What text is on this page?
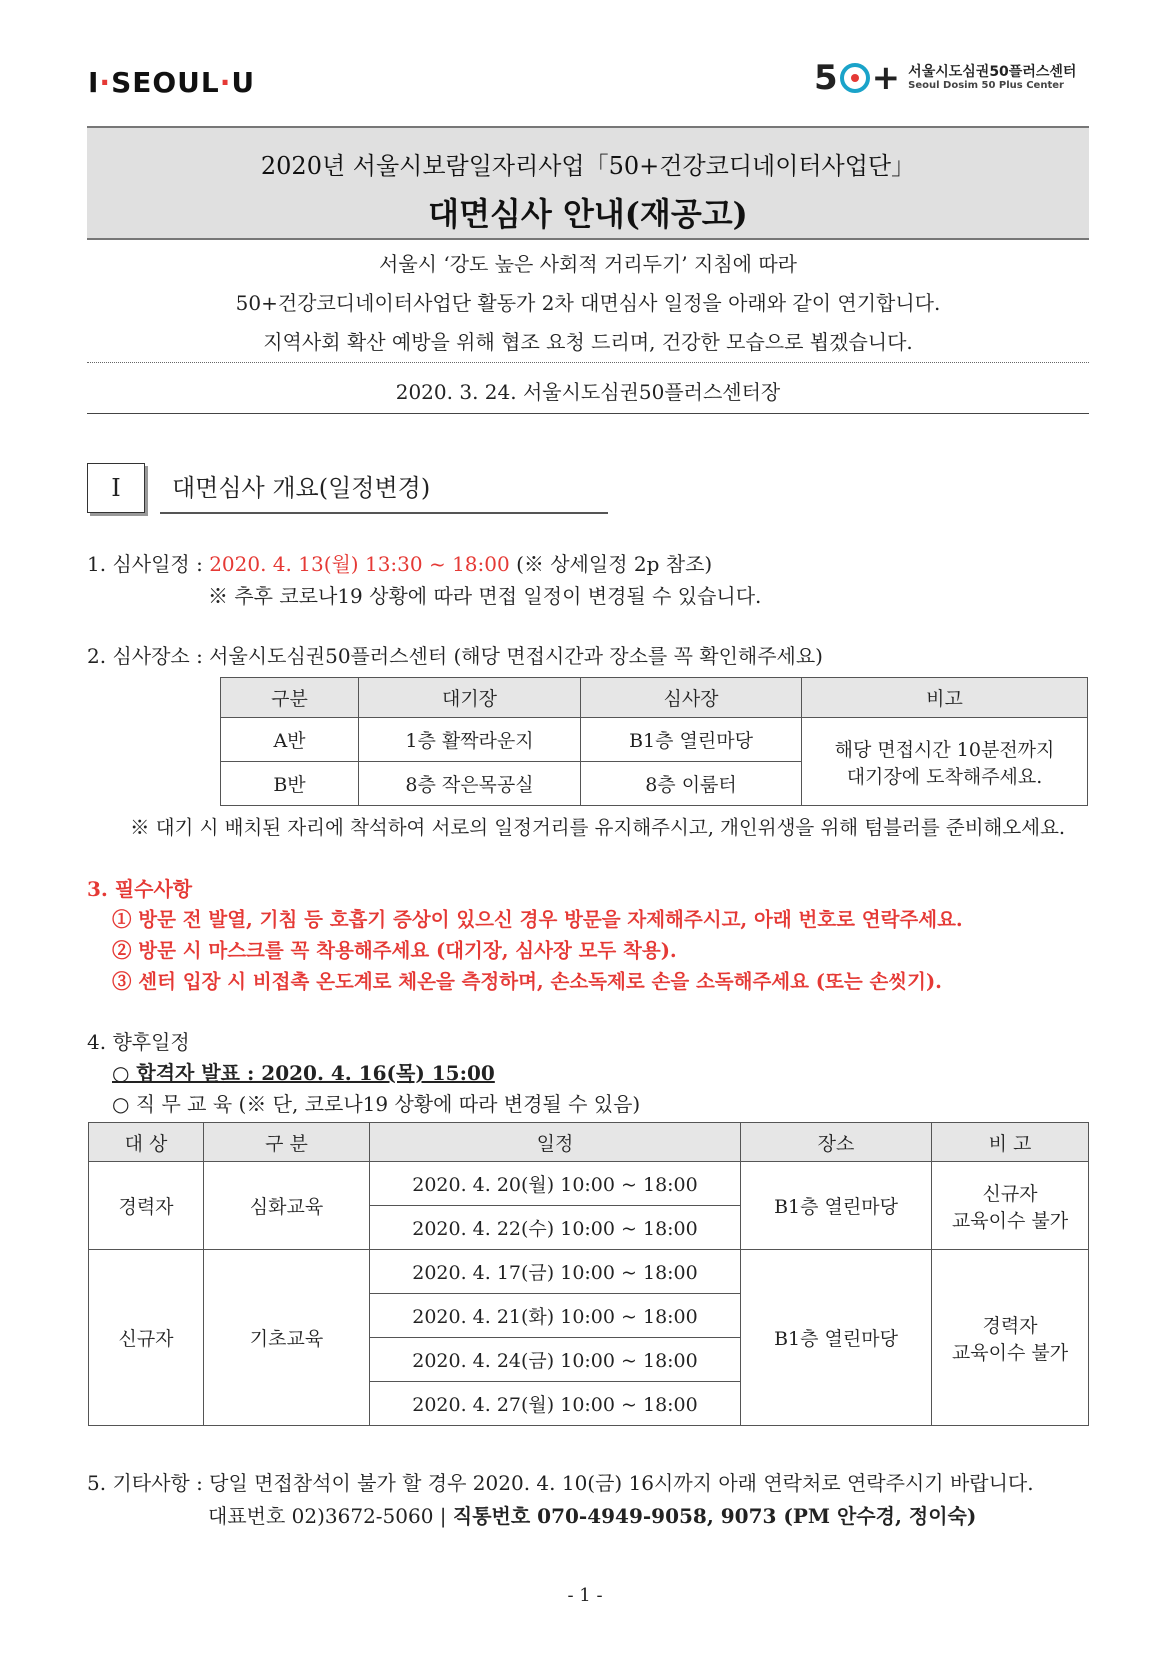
I·SEOUL·U	5 + 서울시도심권50플러스센터
Seoul Dosim 50 Plus Center
2020년 서울시보람일자리사업「50+건강코디네이터사업단」
대면심사 안내(재공고)
서울시 ‘강도 높은 사회적 거리두기’ 지침에 따라
50+건강코디네이터사업단 활동가 2차 대면심사 일정을 아래와 같이 연기합니다.
지역사회 확산 예방을 위해 협조 요청 드리며, 건강한 모습으로 뵙겠습니다.
2020. 3. 24. 서울시도심권50플러스센터장
Ⅰ	대면심사 개요(일정변경)
1. 심사일정 : 2020. 4. 13(월) 13:30 ~ 18:00 (※ 상세일정 2p 참조)
※ 추후 코로나19 상황에 따라 면접 일정이 변경될 수 있습니다.
2. 심사장소 : 서울시도심권50플러스센터 (해당 면접시간과 장소를 꼭 확인해주세요)
구분	대기장	심사장	비고
A반	1층 활짝라운지	B1층 열린마당	해당 면접시간 10분전까지
대기장에 도착해주세요.

B반	8층 작은목공실	8층 이룸터	
※ 대기 시 배치된 자리에 착석하여 서로의 일정거리를 유지해주시고, 개인위생을 위해 텀블러를 준비해오세요.
3. 필수사항
① 방문 전 발열, 기침 등 호흡기 증상이 있으신 경우 방문을 자제해주시고, 아래 번호로 연락주세요.
② 방문 시 마스크를 꼭 착용해주세요 (대기장, 심사장 모두 착용).
③ 센터 입장 시 비접촉 온도계로 체온을 측정하며, 손소독제로 손을 소독해주세요 (또는 손씻기).
4. 향후일정
○ 합격자 발표 : 2020. 4. 16(목) 15:00
○ 직 무 교 육 (※ 단, 코로나19 상황에 따라 변경될 수 있음)
대 상	구 분	일정	장소	비 고
경력자	심화교육	2020. 4. 20(월) 10:00 ~ 18:00	B1층 열린마당	신규자
교육이수 불가

		2020. 4. 22(수) 10:00 ~ 18:00		
신규자	기초교육	2020. 4. 17(금) 10:00 ~ 18:00	B1층 열린마당	경력자
교육이수 불가

		2020. 4. 21(화) 10:00 ~ 18:00		
		2020. 4. 24(금) 10:00 ~ 18:00		
		2020. 4. 27(월) 10:00 ~ 18:00		
5. 기타사항 : 당일 면접참석이 불가 할 경우 2020. 4. 10(금) 16시까지 아래 연락처로 연락주시기 바랍니다.
대표번호 02)3672-5060 | 직통번호 070-4949-9058, 9073 (PM 안수경, 정이숙)
- 1 -
